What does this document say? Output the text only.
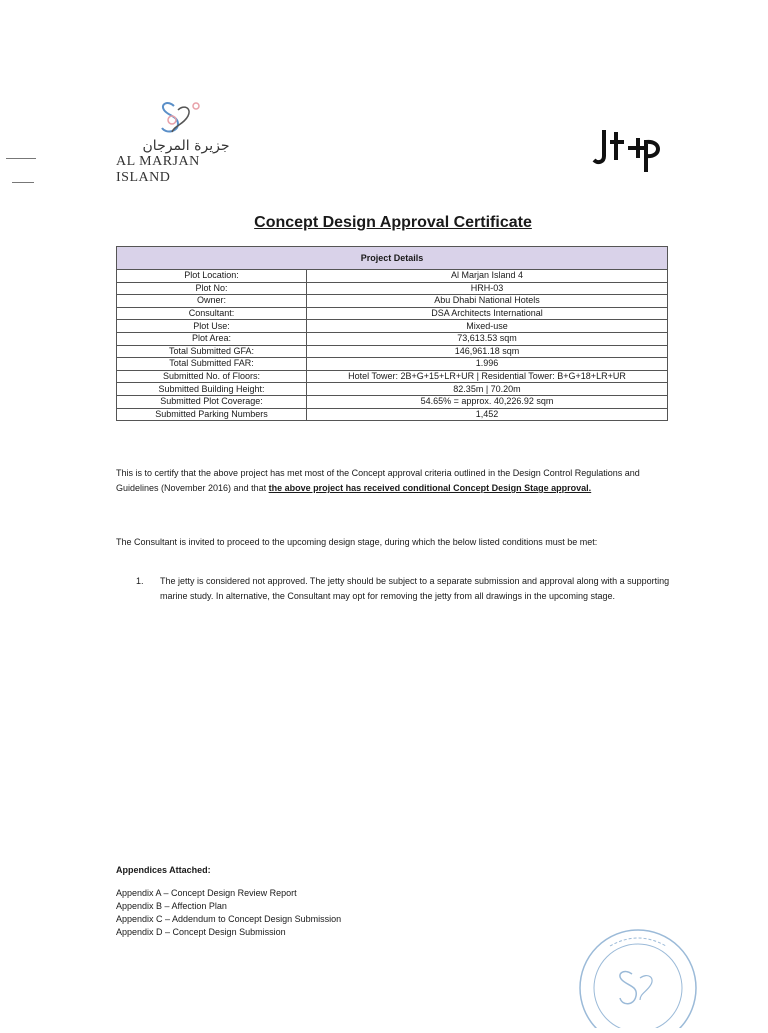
جزيرة المرجان
AL MARJAN ISLAND
Concept Design Approval Certificate
Project Details	
Plot Location:	Al Marjan Island 4
Plot No:	HRH-03
Owner:	Abu Dhabi National Hotels
Consultant:	DSA Architects International
Plot Use:	Mixed-use
Plot Area:	73,613.53 sqm
Total Submitted GFA:	146,961.18 sqm
Total Submitted FAR:	1.996
Submitted No. of Floors:	Hotel Tower: 2B+G+15+LR+UR | Residential Tower: B+G+18+LR+UR
Submitted Building Height:	82.35m | 70.20m
Submitted Plot Coverage:	54.65% = approx. 40,226.92 sqm
Submitted Parking Numbers	1,452
This is to certify that the above project has met most of the Concept approval criteria outlined in the Design Control Regulations and Guidelines (November 2016) and that the above project has received conditional Concept Design Stage approval.
The Consultant is invited to proceed to the upcoming design stage, during which the below listed conditions must be met:
1. The jetty is considered not approved. The jetty should be subject to a separate submission and approval along with a supporting marine study. In alternative, the Consultant may opt for removing the jetty from all drawings in the upcoming stage.
Appendices Attached:
Appendix A – Concept Design Review Report
Appendix B – Affection Plan
Appendix C – Addendum to Concept Design Submission
Appendix D – Concept Design Submission
